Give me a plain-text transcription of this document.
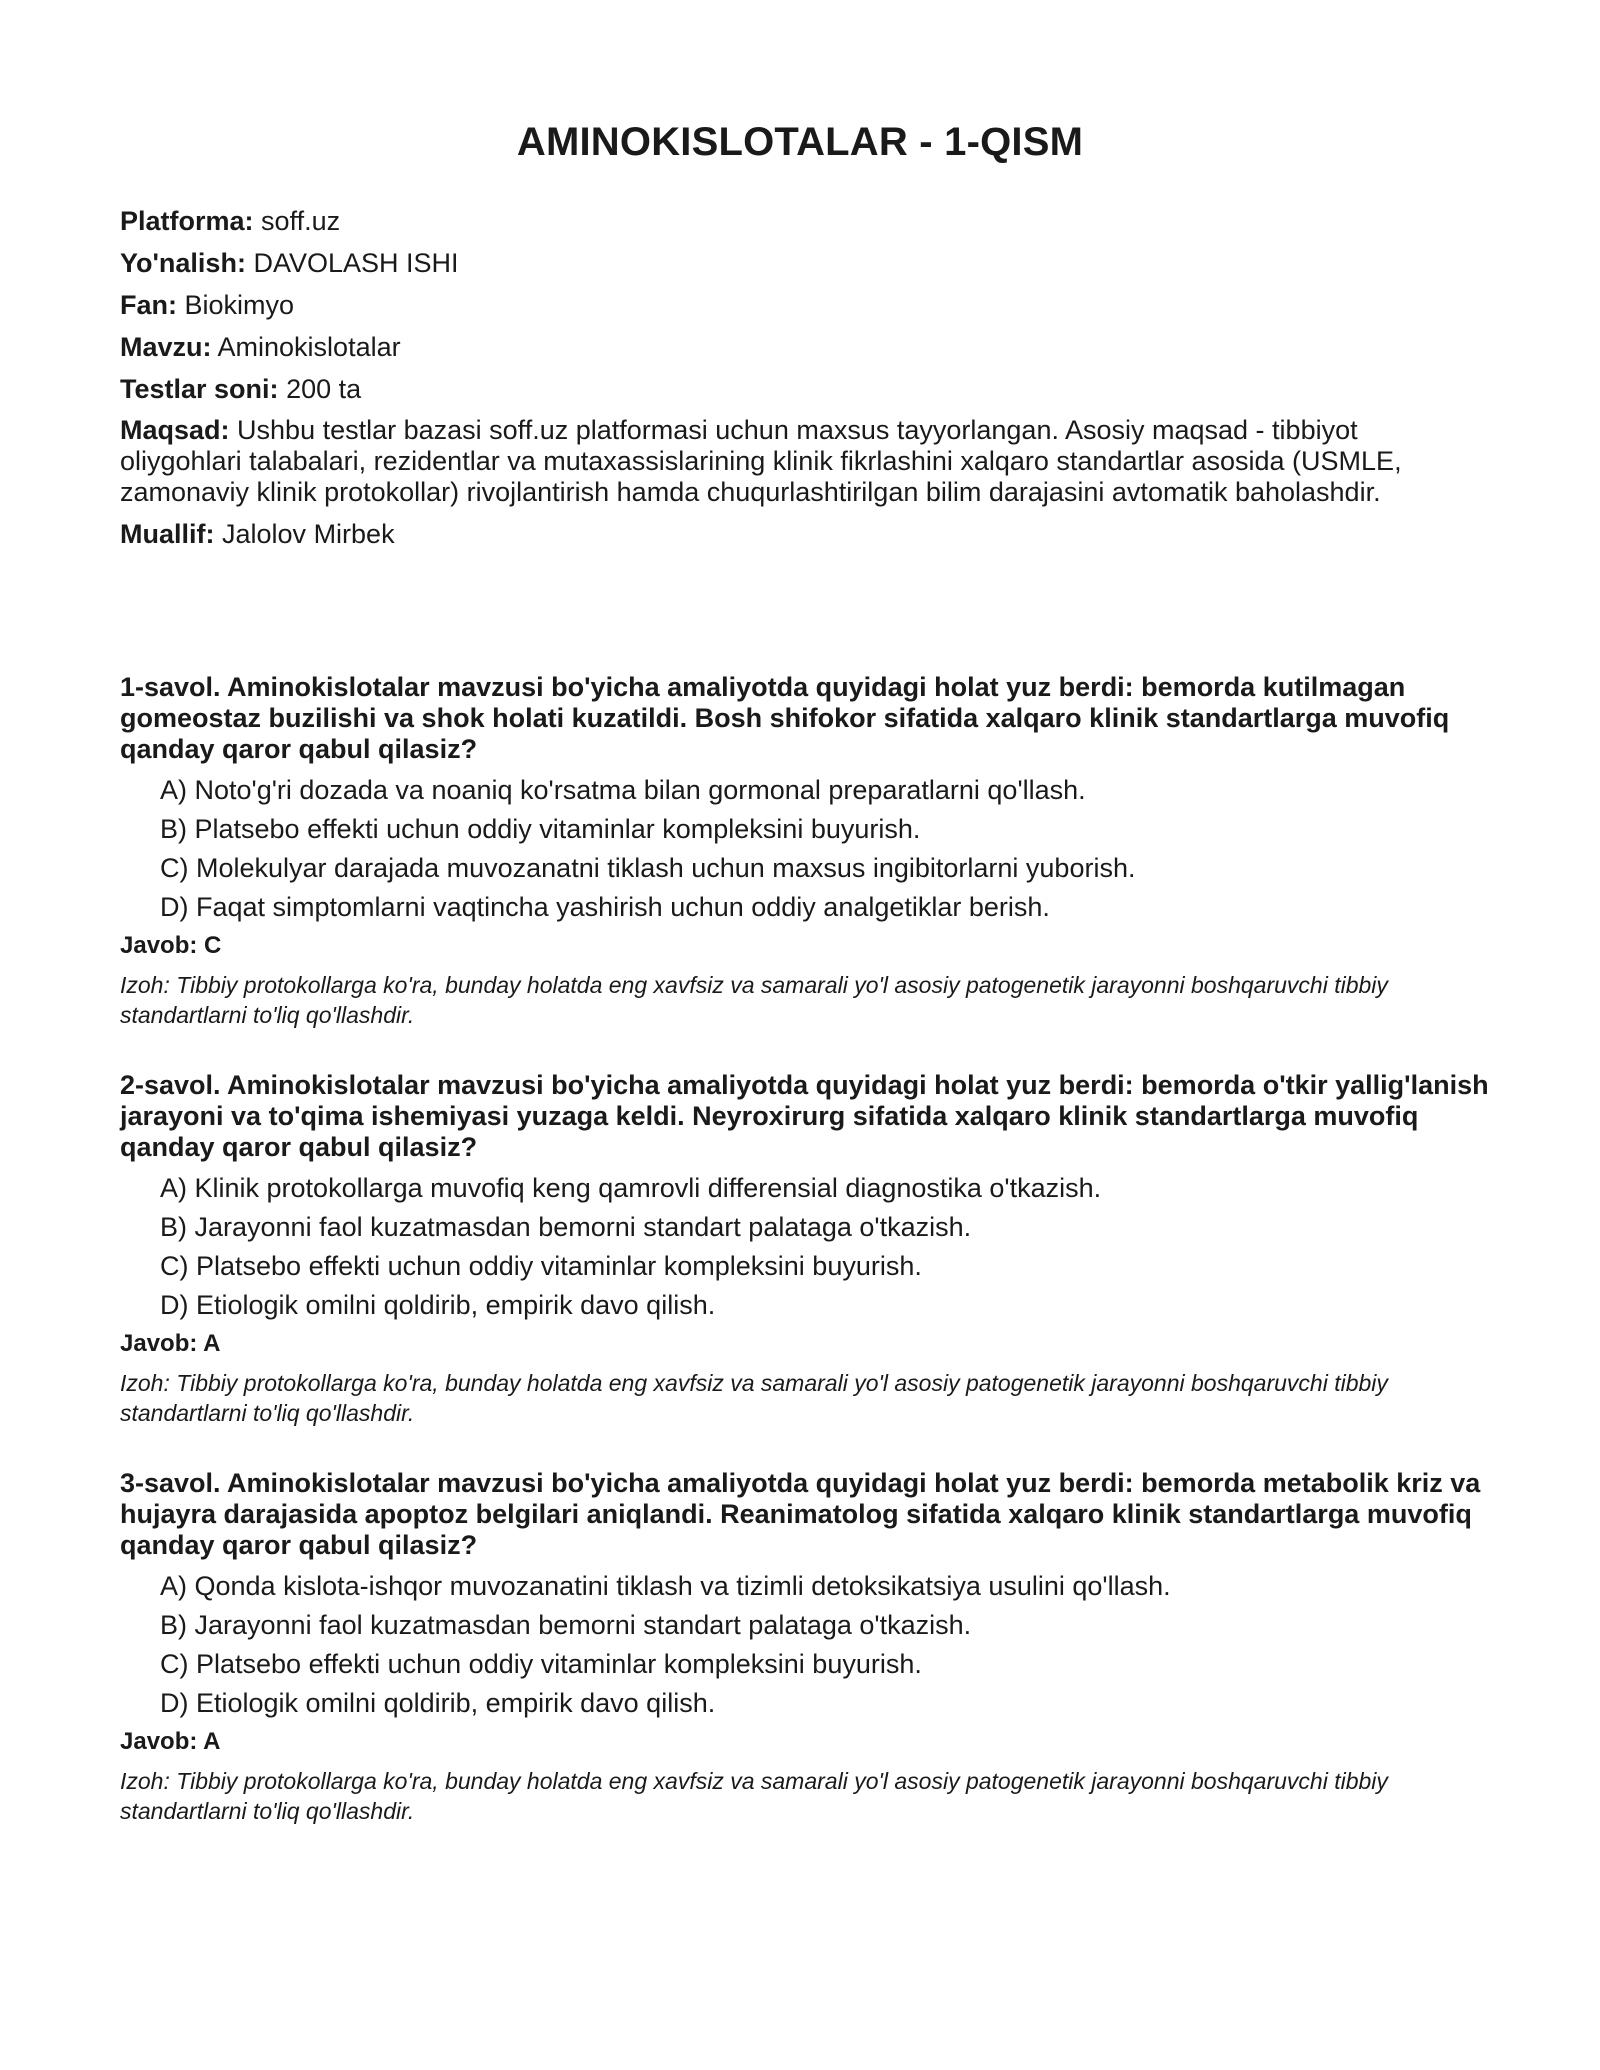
AMINOKISLOTALAR - 1-QISM
Platforma: soff.uz
Yo'nalish: DAVOLASH ISHI
Fan: Biokimyo
Mavzu: Aminokislotalar
Testlar soni: 200 ta
Maqsad: Ushbu testlar bazasi soff.uz platformasi uchun maxsus tayyorlangan. Asosiy maqsad - tibbiyot oliygohlari talabalari, rezidentlar va mutaxassislarining klinik fikrlashini xalqaro standartlar asosida (USMLE, zamonaviy klinik protokollar) rivojlantirish hamda chuqurlashtirilgan bilim darajasini avtomatik baholashdir.
Muallif: Jalolov Mirbek

1-savol. Aminokislotalar mavzusi bo'yicha amaliyotda quyidagi holat yuz berdi: bemorda kutilmagan gomeostaz buzilishi va shok holati kuzatildi. Bosh shifokor sifatida xalqaro klinik standartlarga muvofiq qanday qaror qabul qilasiz?

A) Noto'g'ri dozada va noaniq ko'rsatma bilan gormonal preparatlarni qo'llash.
B) Platsebo effekti uchun oddiy vitaminlar kompleksini buyurish.
C) Molekulyar darajada muvozanatni tiklash uchun maxsus ingibitorlarni yuborish.
D) Faqat simptomlarni vaqtincha yashirish uchun oddiy analgetiklar berish.
Javob: C

Izoh: Tibbiy protokollarga ko'ra, bunday holatda eng xavfsiz va samarali yo'l asosiy patogenetik jarayonni boshqaruvchi tibbiy standartlarni to'liq qo'llashdir.

2-savol. Aminokislotalar mavzusi bo'yicha amaliyotda quyidagi holat yuz berdi: bemorda o'tkir yallig'lanish jarayoni va to'qima ishemiyasi yuzaga keldi. Neyroxirurg sifatida xalqaro klinik standartlarga muvofiq qanday qaror qabul qilasiz?

A) Klinik protokollarga muvofiq keng qamrovli differensial diagnostika o'tkazish.
B) Jarayonni faol kuzatmasdan bemorni standart palataga o'tkazish.
C) Platsebo effekti uchun oddiy vitaminlar kompleksini buyurish.
D) Etiologik omilni qoldirib, empirik davo qilish.
Javob: A

Izoh: Tibbiy protokollarga ko'ra, bunday holatda eng xavfsiz va samarali yo'l asosiy patogenetik jarayonni boshqaruvchi tibbiy standartlarni to'liq qo'llashdir.

3-savol. Aminokislotalar mavzusi bo'yicha amaliyotda quyidagi holat yuz berdi: bemorda metabolik kriz va hujayra darajasida apoptoz belgilari aniqlandi. Reanimatolog sifatida xalqaro klinik standartlarga muvofiq qanday qaror qabul qilasiz?

A) Qonda kislota-ishqor muvozanatini tiklash va tizimli detoksikatsiya usulini qo'llash.
B) Jarayonni faol kuzatmasdan bemorni standart palataga o'tkazish.
C) Platsebo effekti uchun oddiy vitaminlar kompleksini buyurish.
D) Etiologik omilni qoldirib, empirik davo qilish.
Javob: A

Izoh: Tibbiy protokollarga ko'ra, bunday holatda eng xavfsiz va samarali yo'l asosiy patogenetik jarayonni boshqaruvchi tibbiy standartlarni to'liq qo'llashdir.
